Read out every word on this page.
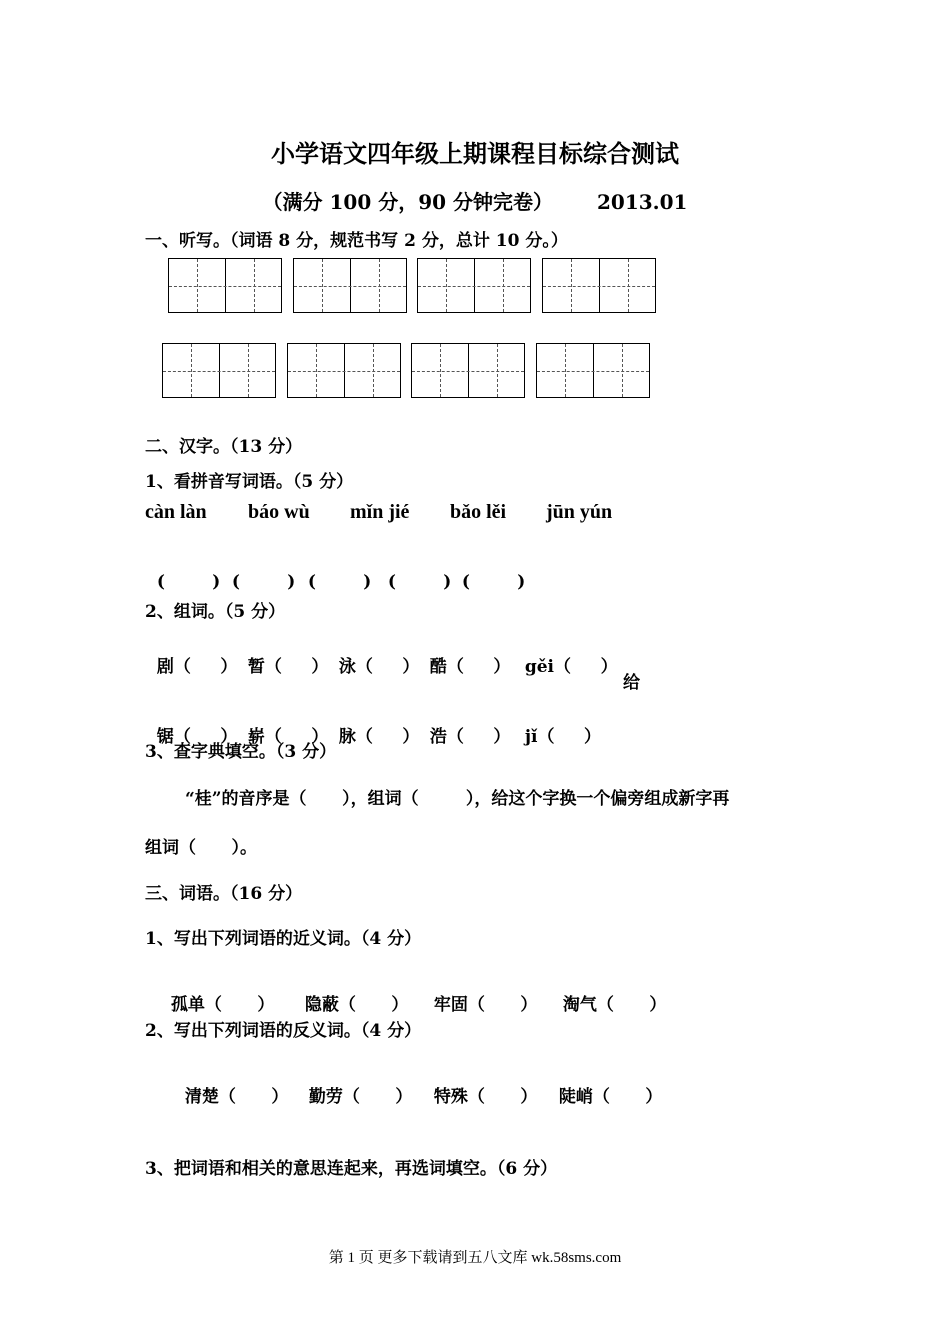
小学语文四年级上期课程目标综合测试
（满分 100 分，90 分钟完卷） 2013.01
一、听写。（词语 8 分，规范书写 2 分，总计 10 分。）
二、汉字。（13 分）
1、看拼音写词语。（5 分）
càn làn báo wù mǐn jié bǎo lěi jūn yún

(        ) (        ) (        ) (        ) (        )

2、组词。（5 分）

剧（     ） 暂（     ） 泳（     ） 酷（     ） gěi（     ）

给

锯（     ） 崭（     ） 脉（     ） 浩（     ） jǐ（     ）

3、查字典填空。（3 分）
“桂”的音序是（      ），组词（        ），给这个字换一个偏旁组成新字再
组词（      ）。
三、词语。（16 分）
1、写出下列词语的近义词。（4 分）

孤单（      ） 隐蔽（      ） 牢固（      ） 淘气（      ）

2、写出下列词语的反义词。（4 分）

清楚（      ） 勤劳（      ） 特殊（      ） 陡峭（      ）

3、把词语和相关的意思连起来，再选词填空。（6 分）
第 1 页 更多下载请到五八文库 wk.58sms.com
